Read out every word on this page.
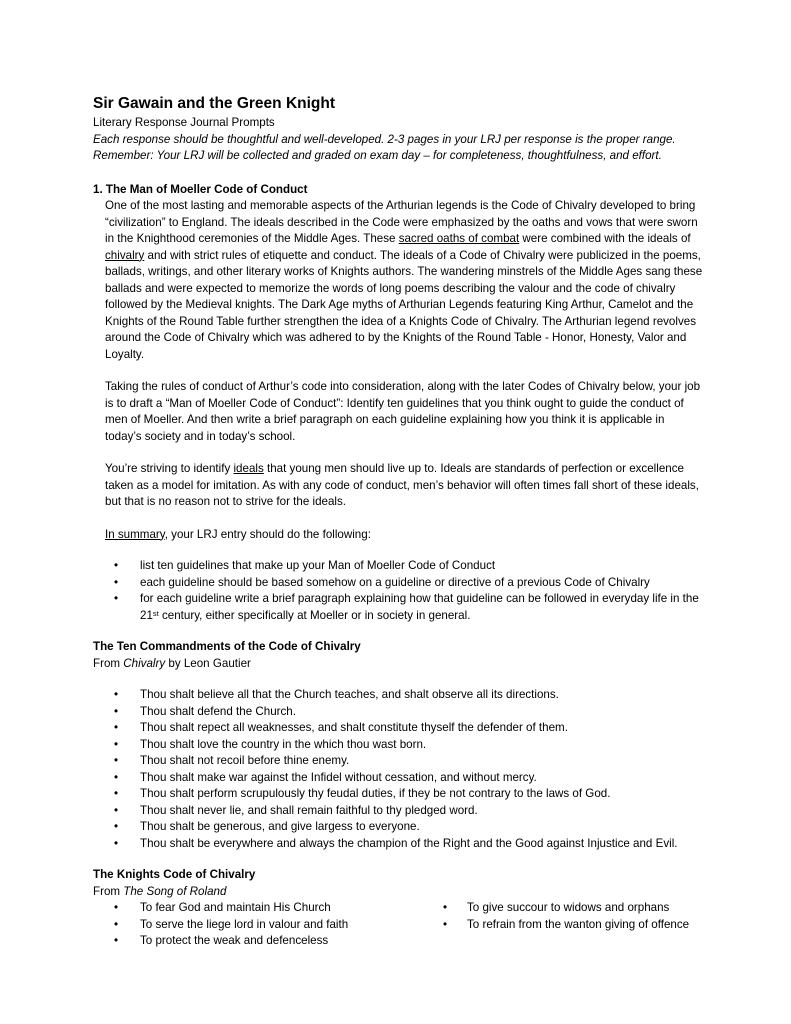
Sir Gawain and the Green Knight

Literary Response Journal Prompts

Each response should be thoughtful and well-developed. 2-3 pages in your LRJ per response is the proper range.

Remember: Your LRJ will be collected and graded on exam day – for completeness, thoughtfulness, and effort.

1. The Man of Moeller Code of Conduct

One of the most lasting and memorable aspects of the Arthurian legends is the Code of Chivalry developed to bring “civilization” to England. The ideals described in the Code were emphasized by the oaths and vows that were sworn in the Knighthood ceremonies of the Middle Ages. These sacred oaths of combat were combined with the ideals of chivalry and with strict rules of etiquette and conduct. The ideals of a Code of Chivalry were publicized in the poems, ballads, writings, and other literary works of Knights authors. The wandering minstrels of the Middle Ages sang these ballads and were expected to memorize the words of long poems describing the valour and the code of chivalry followed by the Medieval knights. The Dark Age myths of Arthurian Legends featuring King Arthur, Camelot and the Knights of the Round Table further strengthen the idea of a Knights Code of Chivalry. The Arthurian legend revolves around the Code of Chivalry which was adhered to by the Knights of the Round Table - Honor, Honesty, Valor and Loyalty.

Taking the rules of conduct of Arthur’s code into consideration, along with the later Codes of Chivalry below, your job is to draft a “Man of Moeller Code of Conduct”: Identify ten guidelines that you think ought to guide the conduct of men of Moeller. And then write a brief paragraph on each guideline explaining how you think it is applicable in today’s society and in today’s school.

You’re striving to identify ideals that young men should live up to. Ideals are standards of perfection or excellence taken as a model for imitation. As with any code of conduct, men’s behavior will often times fall short of these ideals, but that is no reason not to strive for the ideals.

In summary, your LRJ entry should do the following:

• list ten guidelines that make up your Man of Moeller Code of Conduct
• each guideline should be based somehow on a guideline or directive of a previous Code of Chivalry
• for each guideline write a brief paragraph explaining how that guideline can be followed in everyday life in the 21st century, either specifically at Moeller or in society in general.

The Ten Commandments of the Code of Chivalry

From Chivalry by Leon Gautier

• Thou shalt believe all that the Church teaches, and shalt observe all its directions.
• Thou shalt defend the Church.
• Thou shalt repect all weaknesses, and shalt constitute thyself the defender of them.
• Thou shalt love the country in the which thou wast born.
• Thou shalt not recoil before thine enemy.
• Thou shalt make war against the Infidel without cessation, and without mercy.
• Thou shalt perform scrupulously thy feudal duties, if they be not contrary to the laws of God.
• Thou shalt never lie, and shall remain faithful to thy pledged word.
• Thou shalt be generous, and give largess to everyone.
• Thou shalt be everywhere and always the champion of the Right and the Good against Injustice and Evil.

The Knights Code of Chivalry

From The Song of Roland

• To fear God and maintain His Church
• To serve the liege lord in valour and faith
• To protect the weak and defenceless
• To give succour to widows and orphans
• To refrain from the wanton giving of offence
